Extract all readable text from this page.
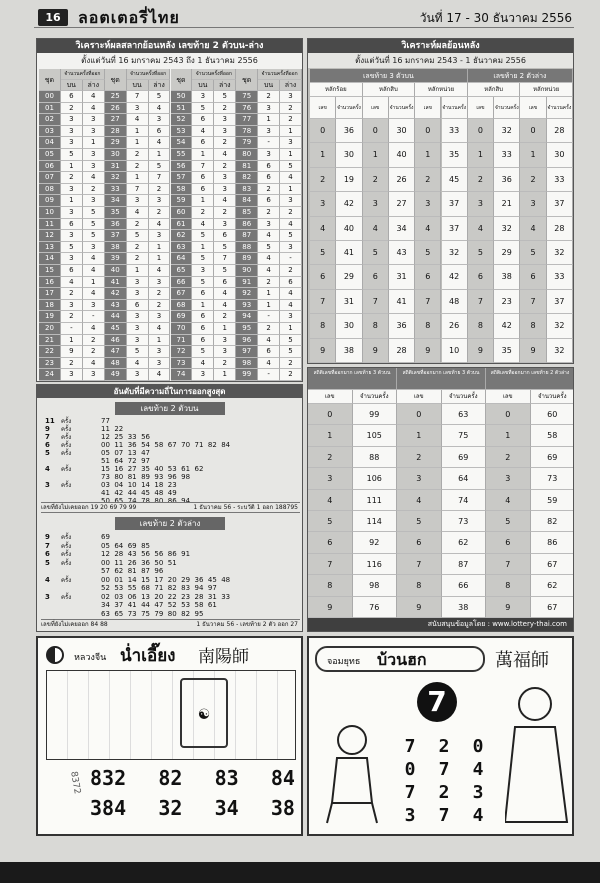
16	ลอตเตอรี่ไทย	วันที่ 17 - 30 ธันวาคม 2556
วิเคราะห์ผลสลากย้อนหลัง เลขท้าย 2 ตัวบน-ล่าง
ตั้งแต่วันที่ 16 มกราคม 2543 ถึง 1 ธันวาคม 2556
ชุด
จำนวนครั้งที่ออก
บน	ล่าง
ชุด
จำนวนครั้งที่ออก
บน	ล่าง
ชุด
จำนวนครั้งที่ออก
บน	ล่าง
ชุด
จำนวนครั้งที่ออก
บน	ล่าง
00	6	4	25	7	5	50	3	5	75	2	3
01	2	4	26	3	4	51	5	2	76	3	2
02	3	3	27	4	3	52	6	3	77	1	2
03	3	3	28	1	6	53	4	3	78	3	1
04	3	1	29	1	4	54	6	2	79	-	3
05	5	3	30	2	1	55	1	4	80	3	1
06	1	3	31	2	5	56	7	2	81	6	5
07	2	4	32	1	7	57	6	3	82	6	4
08	3	2	33	7	2	58	6	3	83	2	1
09	1	3	34	3	3	59	1	4	84	6	3
10	3	5	35	4	2	60	2	2	85	2	2
11	6	5	36	2	4	61	4	3	86	3	4
12	3	5	37	5	3	62	5	6	87	4	5
13	5	3	38	2	1	63	1	5	88	5	3
14	3	4	39	2	1	64	5	7	89	4	-
15	6	4	40	1	4	65	3	5	90	4	2
16	4	1	41	3	3	66	5	6	91	2	6
17	2	4	42	3	2	67	6	4	92	1	4
18	3	3	43	6	2	68	1	4	93	1	4
19	2	-	44	3	3	69	6	2	94	-	3
20	-	4	45	3	4	70	6	1	95	2	1
21	1	2	46	3	1	71	6	3	96	4	5
22	9	2	47	5	3	72	5	3	97	6	5
23	2	4	48	4	3	73	4	2	98	4	2
24	3	3	49	3	4	74	3	1	99	-	2
วิเคราะห์ผลย้อนหลัง
ตั้งแต่วันที่ 16 มกราคม 2543 - 1 ธันวาคม 2556
เลขท้าย 3 ตัวบน	เลขท้าย 2 ตัวล่าง
หลักร้อย	หลักสิบ	หลักหน่วย	หลักสิบ	หลักหน่วย
เลข	จำนวนครั้ง	เลข	จำนวนครั้ง	เลข	จำนวนครั้ง	เลข	จำนวนครั้ง	เลข	จำนวนครั้ง
0	36	0	30	0	33	0	32	0	28
1	30	1	40	1	35	1	33	1	30
2	19	2	26	2	45	2	36	2	33
3	42	3	27	3	37	3	21	3	37
4	40	4	34	4	37	4	32	4	28
5	41	5	43	5	32	5	29	5	32
6	29	6	31	6	42	6	38	6	33
7	31	7	41	7	48	7	23	7	37
8	30	8	36	8	26	8	42	8	32
9	38	9	28	9	10	9	35	9	32
อันดับที่มีความถี่ในการออกสูงสุด
เลขท้าย 2 ตัวบน
11 ครั้ง	77
9 ครั้ง	11  22
7 ครั้ง	12  25  33  56
6 ครั้ง	00  11  36  54  58  67  70  71  82  84
5 ครั้ง	05  07  13  47
51  64  72  97
4 ครั้ง	15  16  27  35  40  53  61  62
73  80  81  89  93  96  98
3 ครั้ง	03  04  10  14  18  23
41  42  44  45  48  49
50  65  74  78  80  86  94
เลขที่ยังไม่เคยออก 19 20 69 79 99	1 ธันวาคม 56 - ระบวัติ 1 ออก 188795
เลขท้าย 2 ตัวล่าง
9 ครั้ง	69
7 ครั้ง	05  64  69  85
6 ครั้ง	12  28  43  56  56  86  91
5 ครั้ง	00  11  26  36  50  51
57  62  81  87  96
4 ครั้ง	00  01  14  15  17  20  29  36  45  48
52  53  55  68  71  82  83  94  97
3 ครั้ง	02  03  06  13  20  22  23  28  31  33
34  37  41  44  47  52  53  58  61
63  65  73  75  79  80  82  95
เลขที่ยังไม่เคยออก 84 88	1 ธันวาคม 56 - เลขท้าย 2 ตัว ออก 27
สถิติเลขที่ออกมาก เลขท้าย 3 ตัวบน	สถิติเลขที่ออกมาก เลขท้าย 3 ตัวบน	สถิติเลขที่ออกมาก เลขท้าย 2 ตัวล่าง
เลข	จำนวนครั้ง	เลข	จำนวนครั้ง	เลข	จำนวนครั้ง
0	99	0	63	0	60
1	105	1	75	1	58
2	88	2	69	2	69
3	106	3	64	3	73
4	111	4	74	4	59
5	114	5	73	5	82
6	92	6	62	6	86
7	116	7	87	7	67
8	98	8	66	8	62
9	76	9	38	9	67
สนับสนุนข้อมูลโดย : www.lottery-thai.com
หลวงจีน น่ำเอี๊ยง 南陽師
☯
8372 832 82 83 84
384 32 34 38
จอมยุทธ บ้วนฮก	萬福師
7
7	2	0
0	7	4
7	2	3
3	7	4
